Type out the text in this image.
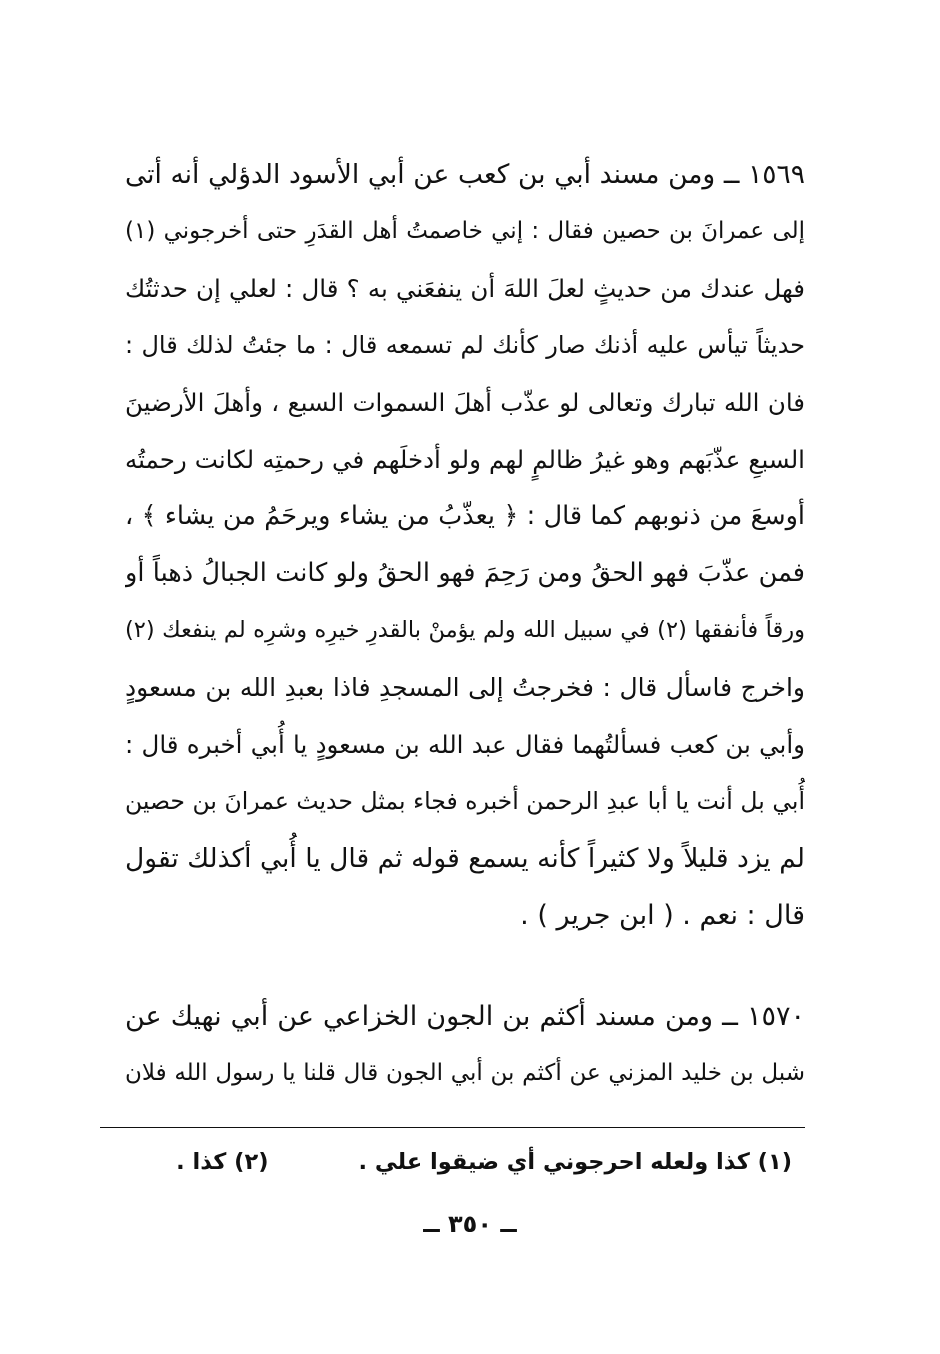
١٥٦٩ ــ ومن مسند أبي بن كعب عن أبي الأسود الدؤلي أنه أتى
إلى عمرانَ بن حصين فقال : إني خاصمتُ أهل القدَرِ حتى أخرجوني (١)
فهل عندك من حديثٍ لعلَ اللهَ أن ينفعَني به ؟ قال : لعلي إن حدثتُك
حديثاً تيأس عليه أذنك صار كأنك لم تسمعه قال : ما جئتُ لذلك قال :
فان الله تبارك وتعالى لو عذّب أهلَ السموات السبع ، وأهلَ الأرضينَ
السبعِ عذّبَهم وهو غيرُ ظالمٍ لهم ولو أدخلَهم في رحمتِه لكانت رحمتُه
أوسعَ من ذنوبهم كما قال : ﴿ يعذّبُ من يشاء ويرحَمُ من يشاء ﴾ ،
فمن عذّبَ فهو الحقُ ومن رَحِمَ فهو الحقُ ولو كانت الجبالُ ذهباً أو
ورقاً فأنفقها (٢) في سبيل الله ولم يؤمنْ بالقدرِ خيرِه وشرِه لم ينفعك (٢)
واخرج فاسأل قال : فخرجتُ إلى المسجدِ فاذا بعبدِ الله بن مسعودٍ
وأبي بن كعب فسألتُهما فقال عبد الله بن مسعودٍ يا أُبي أخبره قال :
أُبي بل أنت يا أبا عبدِ الرحمن أخبره فجاء بمثل حديث عمرانَ بن حصين
لم يزد قليلاً ولا كثيراً كأنه يسمع قوله ثم قال يا أُبي أكذلك تقول
قال : نعم . ( ابن جرير ) .
١٥٧٠ ــ ومن مسند أكثم بن الجون الخزاعي عن أبي نهيك عن
شبل بن خليد المزني عن أكثم بن أبي الجون قال قلنا يا رسول الله فلان
(١) كذا ولعله احرجوني أي ضيقوا علي .(٢) كذا .
ــ ٣٥٠ ــ
